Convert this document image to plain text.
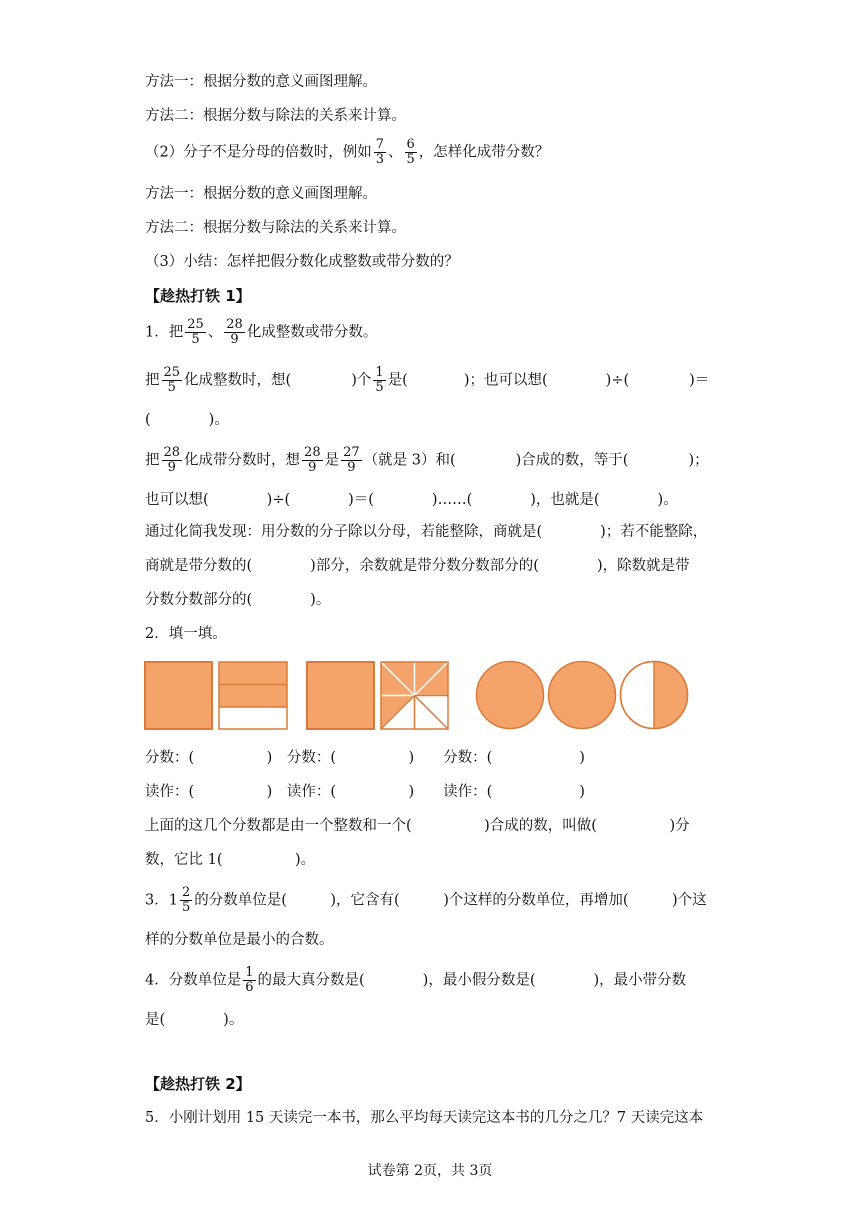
方法一：根据分数的意义画图理解。
方法二：根据分数与除法的关系来计算。
（2）分子不是分母的倍数时，例如 $\frac{7}{3}$ 、 $\frac{6}{5}$ ，怎样化成带分数？
方法一：根据分数的意义画图理解。
方法二：根据分数与除法的关系来计算。
（3）小结：怎样把假分数化成整数或带分数的？
【趁热打铁 1】
1．把 $\frac{25}{5}$ 、 $\frac{28}{9}$ 化成整数或带分数。
把 $\frac{25}{5}$ 化成整数时，想(	)个 $\frac{1}{5}$ 是(	)；也可以想(	)÷(	)＝
(　　　　)。
把 $\frac{28}{9}$ 化成带分数时，想 $\frac{28}{9}$ 是 $\frac{27}{9}$ （就是 3）和(	)合成的数，等于(	)；
也可以想(　　　　)÷(　　　　)＝(　　　　)……(　　　　)，也就是(　　　　)。
通过化简我发现：用分数的分子除以分母，若能整除，商就是(　　　　)；若不能整除，
商就是带分数的(　　　　)部分，余数就是带分数分数部分的(　　　　)，除数就是带
分数分数部分的(　　　　)。
2．填一填。
分数：(　　　　　)　分数：(　　　　　)　　分数：(　　　　　　)
读作：(　　　　　)　读作：(　　　　　)　　读作：(　　　　　　)
上面的这几个分数都是由一个整数和一个(　　　　　)合成的数，叫做(　　　　　)分
数，它比 1(　　　　　)。
3．$1 \frac{2}{5}$ 的分数单位是(　　　)，它含有(　　　)个这样的分数单位，再增加(　　　)个这
样的分数单位是最小的合数。
4．分数单位是 $\frac{1}{6}$ 的最大真分数是(　　　　)，最小假分数是(　　　　)，最小带分数
是(　　　　)。
【趁热打铁 2】
5．小刚计划用 15 天读完一本书，那么平均每天读完这本书的几分之几？7 天读完这本
试卷第 2页，共 3页
